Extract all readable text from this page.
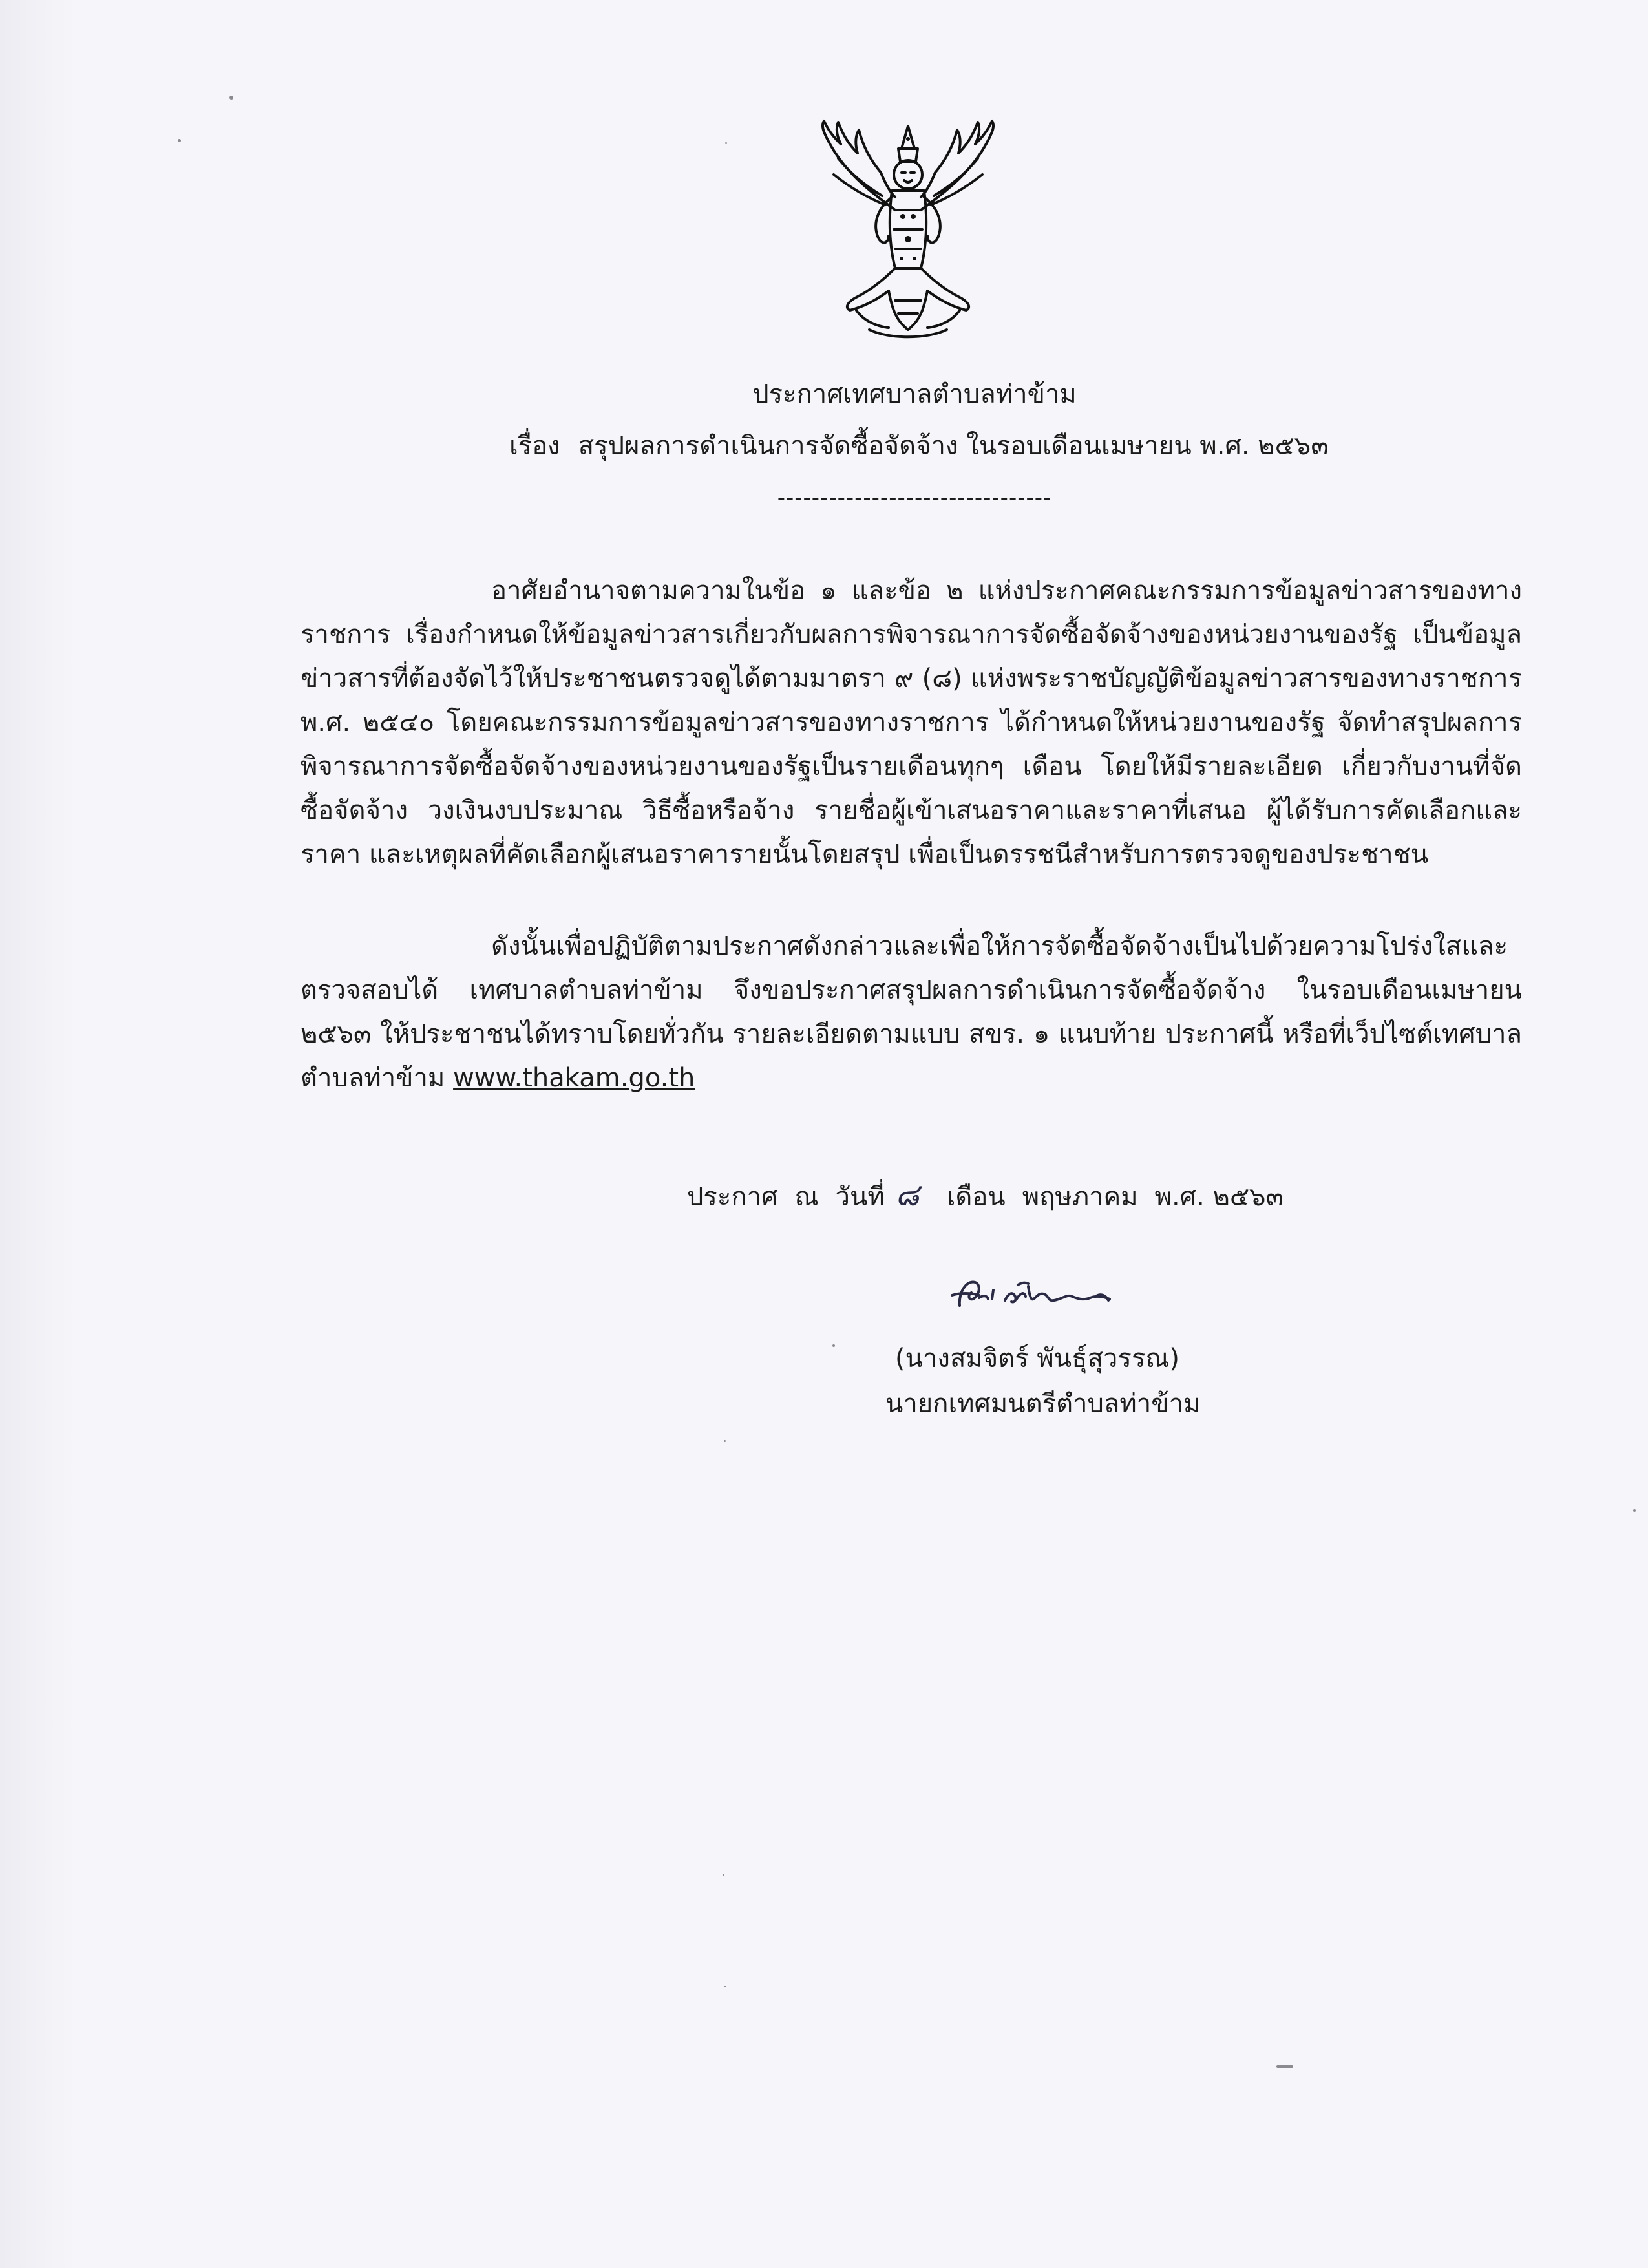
ประกาศเทศบาลตำบลท่าข้าม
เรื่อง สรุปผลการดำเนินการจัดซื้อจัดจ้าง ในรอบเดือนเมษายน พ.ศ. ๒๕๖๓
--------------------------------

อาศัยอำนาจตามความในข้อ ๑ และข้อ ๒ แห่งประกาศคณะกรรมการข้อมูลข่าวสารของทางราชการ เรื่องกำหนดให้ข้อมูลข่าวสารเกี่ยวกับผลการพิจารณาการจัดซื้อจัดจ้างของหน่วยงานของรัฐ เป็นข้อมูลข่าวสารที่ต้องจัดไว้ให้ประชาชนตรวจดูได้ตามมาตรา ๙ (๘) แห่งพระราชบัญญัติข้อมูลข่าวสารของทางราชการ พ.ศ. ๒๕๔๐ โดยคณะกรรมการข้อมูลข่าวสารของทางราชการ ได้กำหนดให้หน่วยงานของรัฐ จัดทำสรุปผลการพิจารณาการจัดซื้อจัดจ้างของหน่วยงานของรัฐเป็นรายเดือนทุกๆ เดือน โดยให้มีรายละเอียด เกี่ยวกับงานที่จัดซื้อจัดจ้าง วงเงินงบประมาณ วิธีซื้อหรือจ้าง รายชื่อผู้เข้าเสนอราคาและราคาที่เสนอ ผู้ได้รับการคัดเลือกและราคา และเหตุผลที่คัดเลือกผู้เสนอราคารายนั้นโดยสรุป เพื่อเป็นดรรชนีสำหรับการตรวจดูของประชาชน

ดังนั้นเพื่อปฏิบัติตามประกาศดังกล่าวและเพื่อให้การจัดซื้อจัดจ้างเป็นไปด้วยความโปร่งใสและตรวจสอบได้ เทศบาลตำบลท่าข้าม จึงขอประกาศสรุปผลการดำเนินการจัดซื้อจัดจ้าง ในรอบเดือนเมษายน ๒๕๖๓ ให้ประชาชนได้ทราบโดยทั่วกัน รายละเอียดตามแบบ สขร. ๑ แนบท้าย ประกาศนี้ หรือที่เว็ปไซต์เทศบาลตำบลท่าข้าม www.thakam.go.th

ประกาศ ณ วันที่ ๘ เดือน พฤษภาคม พ.ศ. ๒๕๖๓
(นางสมจิตร์ พันธุ์สุวรรณ)
นายกเทศมนตรีตำบลท่าข้าม
